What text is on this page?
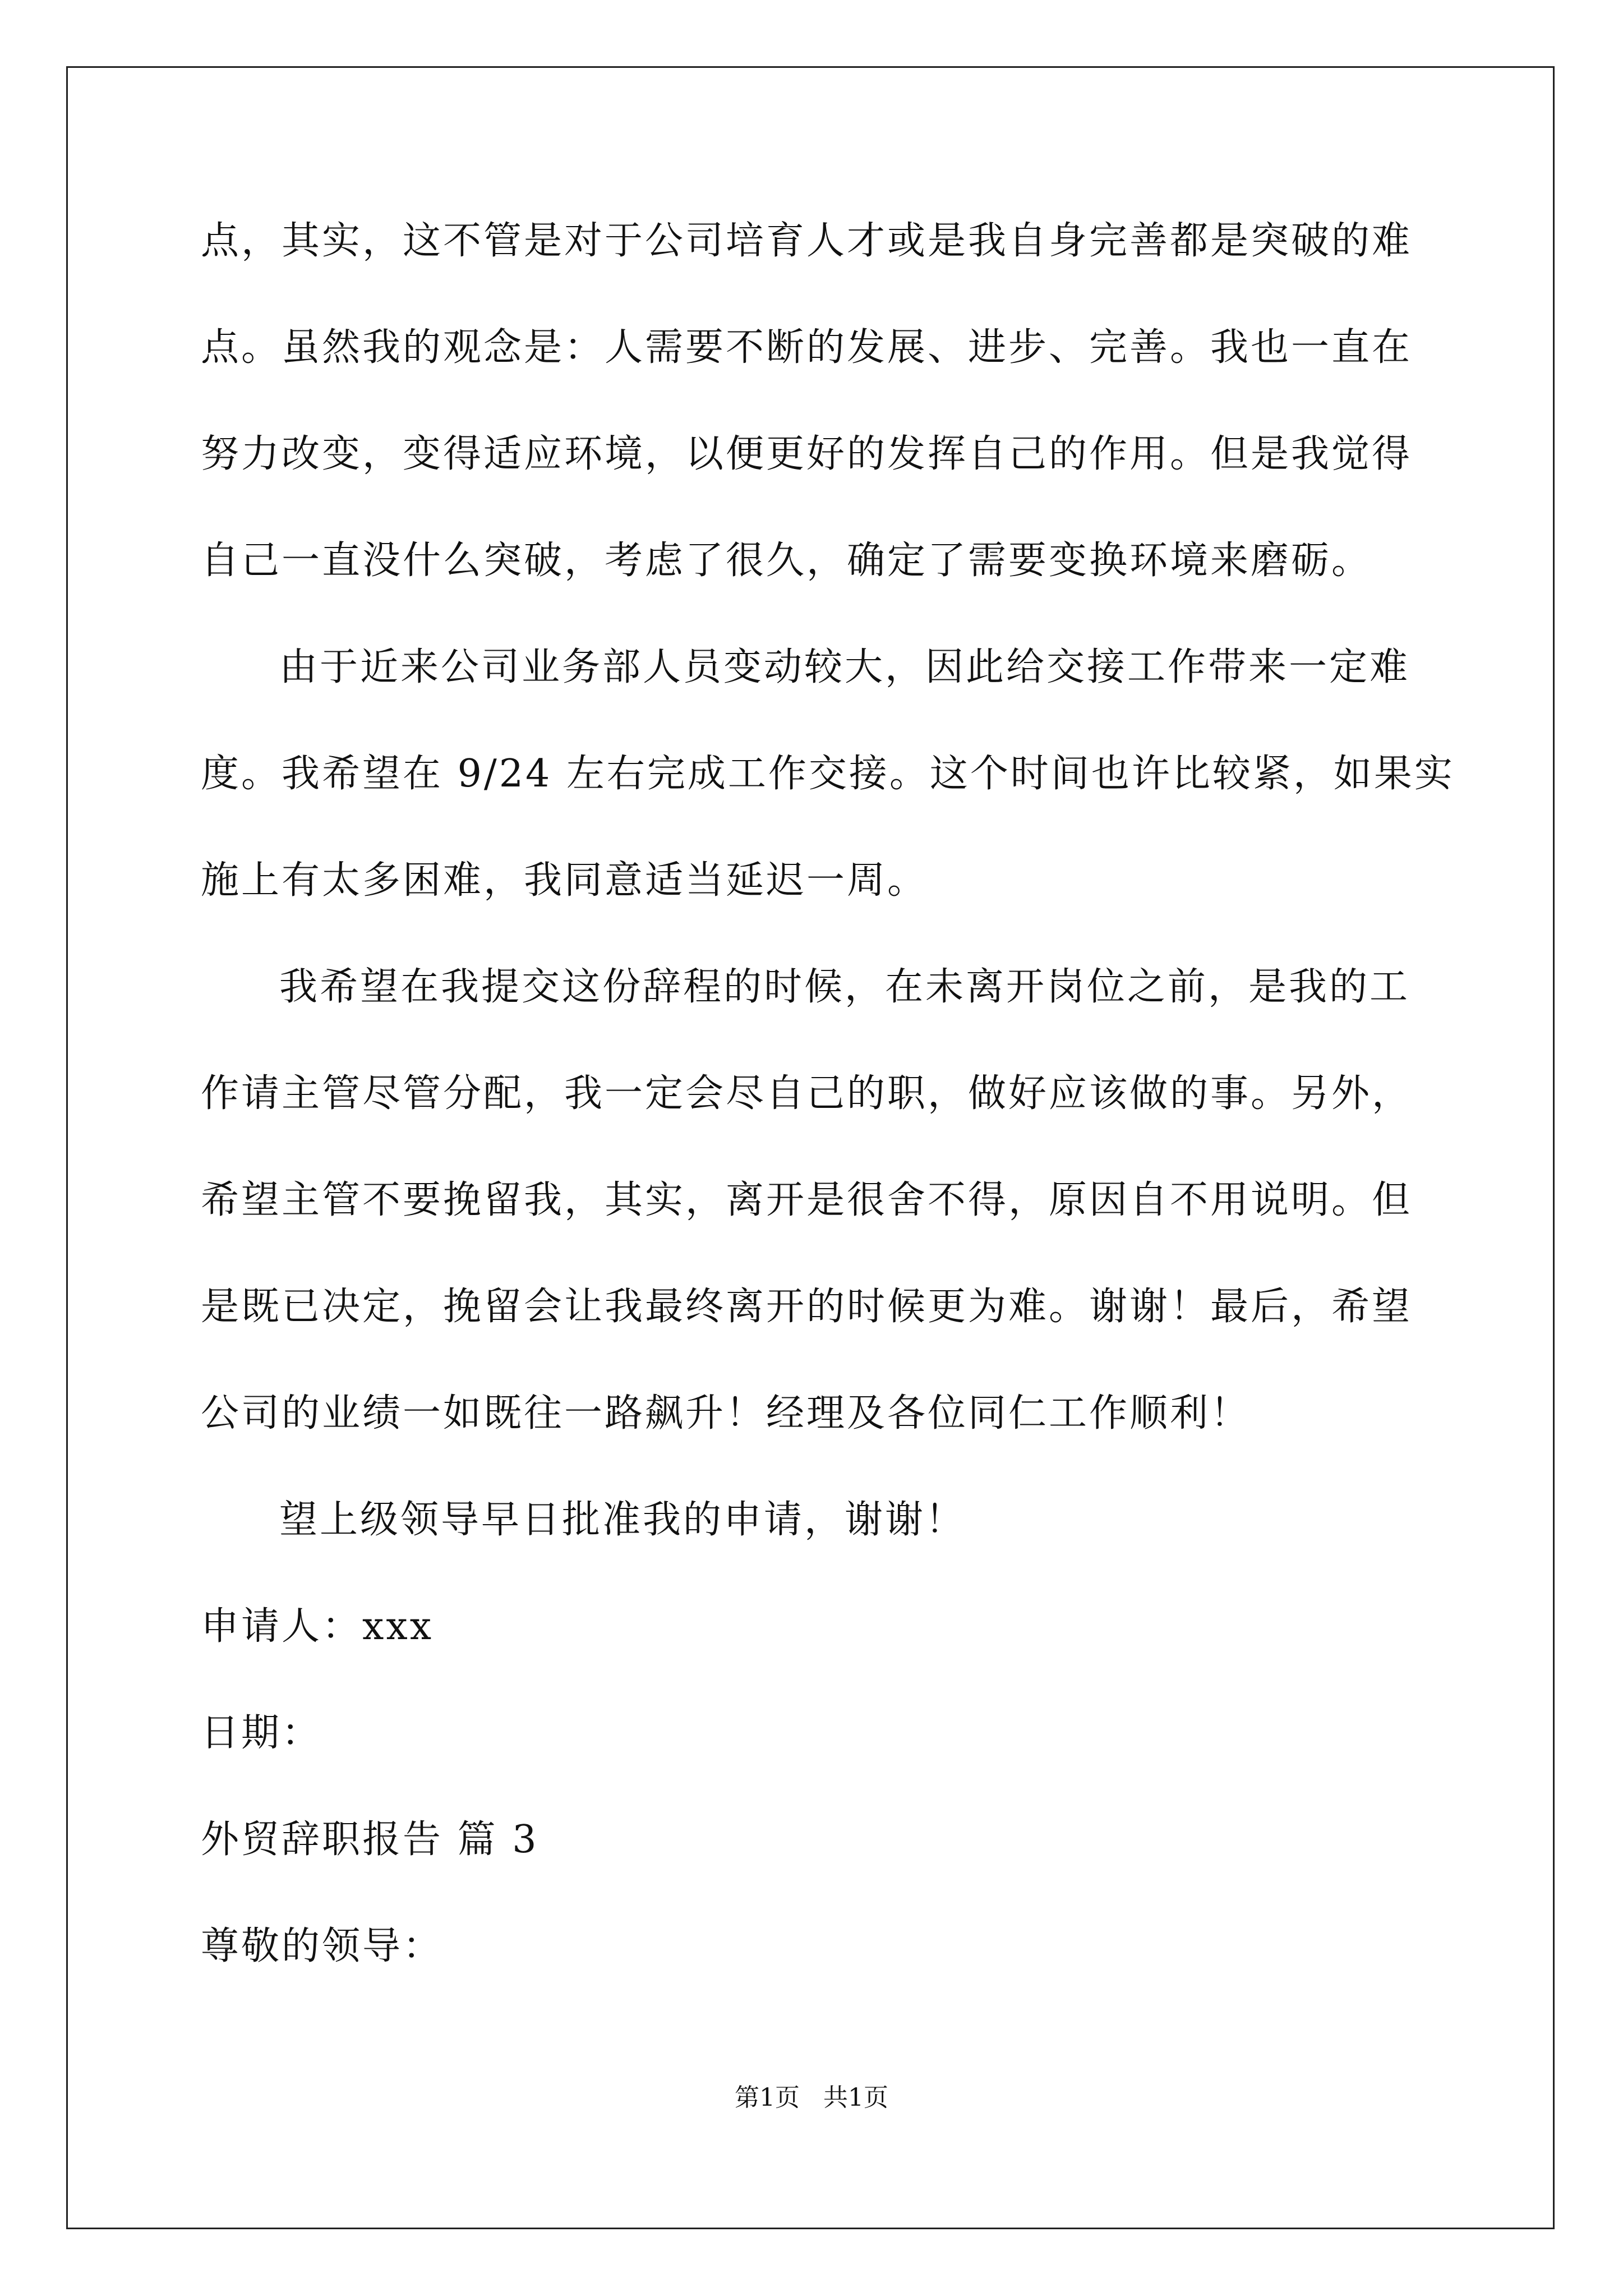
点，其实，这不管是对于公司培育人才或是我自身完善都是突破的难
点。虽然我的观念是：人需要不断的发展、进步、完善。我也一直在
努力改变，变得适应环境，以便更好的发挥自己的作用。但是我觉得
自己一直没什么突破，考虑了很久，确定了需要变换环境来磨砺。
由于近来公司业务部人员变动较大，因此给交接工作带来一定难
度。我希望在 9/24 左右完成工作交接。这个时间也许比较紧，如果实
施上有太多困难，我同意适当延迟一周。
我希望在我提交这份辞程的时候，在未离开岗位之前，是我的工
作请主管尽管分配，我一定会尽自己的职，做好应该做的事。另外，
希望主管不要挽留我，其实，离开是很舍不得，原因自不用说明。但
是既已决定，挽留会让我最终离开的时候更为难。谢谢！最后，希望
公司的业绩一如既往一路飙升！经理及各位同仁工作顺利！
望上级领导早日批准我的申请，谢谢！
申请人：xxx
日期：
外贸辞职报告 篇 3
尊敬的领导：
第1页   共1页
